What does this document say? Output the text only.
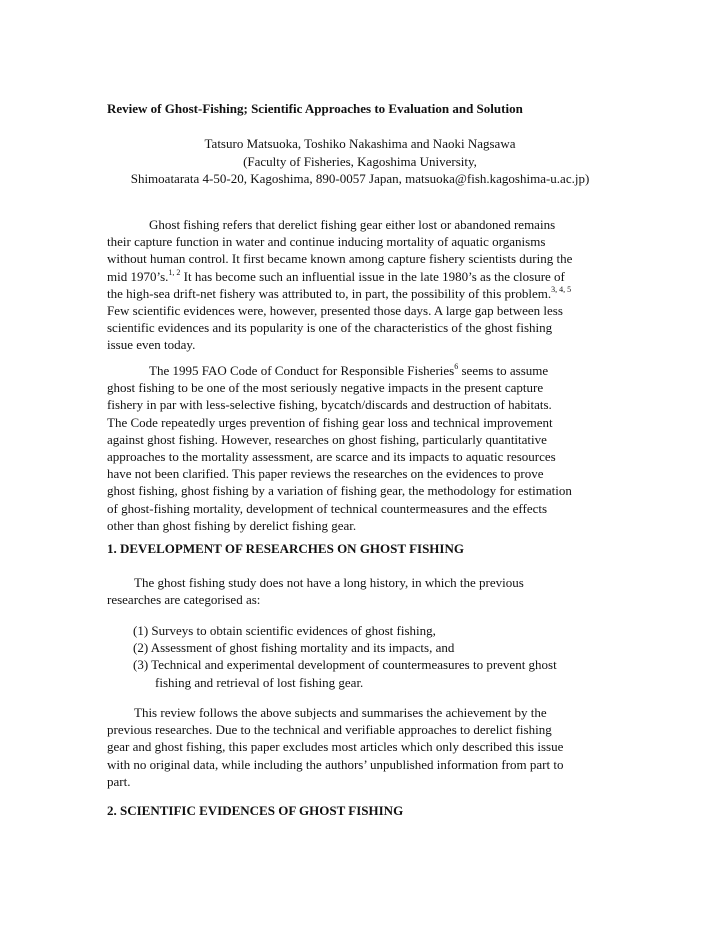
Review of Ghost-Fishing; Scientific Approaches to Evaluation and Solution

Tatsuro Matsuoka, Toshiko Nakashima and Naoki Nagsawa
(Faculty of Fisheries, Kagoshima University,
Shimoatarata 4-50-20, Kagoshima, 890-0057 Japan, matsuoka@fish.kagoshima-u.ac.jp)
Ghost fishing refers that derelict fishing gear either lost or abandoned remains
their capture function in water and continue inducing mortality of aquatic organisms
without human control. It first became known among capture fishery scientists during the
mid 1970’s.$^{1, 2}$ It has become such an influential issue in the late 1980’s as the closure of
the high-sea drift-net fishery was attributed to, in part, the possibility of this problem.$^{3, 4, 5}$
Few scientific evidences were, however, presented those days. A large gap between less
scientific evidences and its popularity is one of the characteristics of the ghost fishing
issue even today.
The 1995 FAO Code of Conduct for Responsible Fisheries$^6$ seems to assume
ghost fishing to be one of the most seriously negative impacts in the present capture
fishery in par with less-selective fishing, bycatch/discards and destruction of habitats.
The Code repeatedly urges prevention of fishing gear loss and technical improvement
against ghost fishing. However, researches on ghost fishing, particularly quantitative
approaches to the mortality assessment, are scarce and its impacts to aquatic resources
have not been clarified. This paper reviews the researches on the evidences to prove
ghost fishing, ghost fishing by a variation of fishing gear, the methodology for estimation
of ghost-fishing mortality, development of technical countermeasures and the effects
other than ghost fishing by derelict fishing gear.

1. DEVELOPMENT OF RESEARCHES ON GHOST FISHING

The ghost fishing study does not have a long history, in which the previous
researches are categorised as:
(1) Surveys to obtain scientific evidences of ghost fishing,
(2) Assessment of ghost fishing mortality and its impacts, and
(3) Technical and experimental development of countermeasures to prevent ghost
fishing and retrieval of lost fishing gear.
This review follows the above subjects and summarises the achievement by the
previous researches. Due to the technical and verifiable approaches to derelict fishing
gear and ghost fishing, this paper excludes most articles which only described this issue
with no original data, while including the authors’ unpublished information from part to
part.

2. SCIENTIFIC EVIDENCES OF GHOST FISHING
